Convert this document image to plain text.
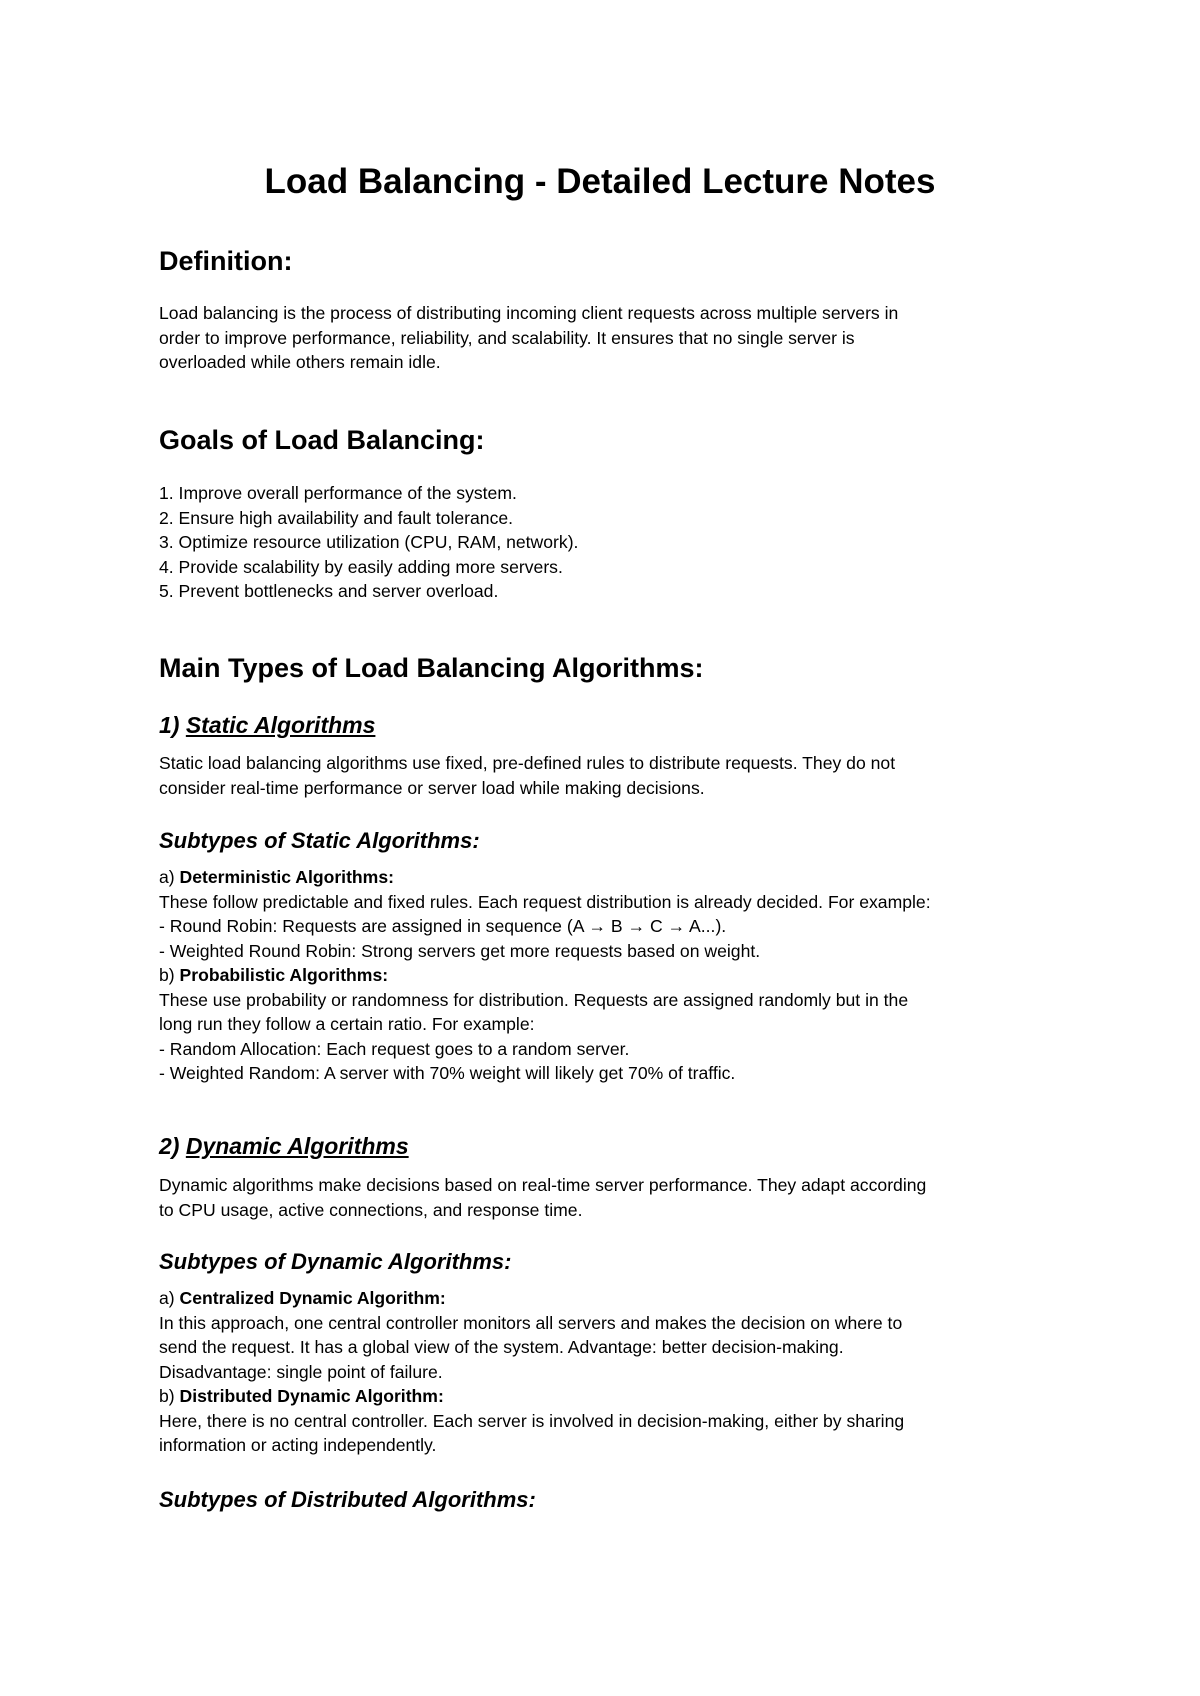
Load Balancing - Detailed Lecture Notes
Definition:
Load balancing is the process of distributing incoming client requests across multiple servers in
order to improve performance, reliability, and scalability. It ensures that no single server is
overloaded while others remain idle.
Goals of Load Balancing:
1. Improve overall performance of the system.
2. Ensure high availability and fault tolerance.
3. Optimize resource utilization (CPU, RAM, network).
4. Provide scalability by easily adding more servers.
5. Prevent bottlenecks and server overload.
Main Types of Load Balancing Algorithms:
1) Static Algorithms
Static load balancing algorithms use fixed, pre-defined rules to distribute requests. They do not
consider real-time performance or server load while making decisions.
Subtypes of Static Algorithms:
a) Deterministic Algorithms:
These follow predictable and fixed rules. Each request distribution is already decided. For example:
- Round Robin: Requests are assigned in sequence (A → B → C → A...).
- Weighted Round Robin: Strong servers get more requests based on weight.
b) Probabilistic Algorithms:
These use probability or randomness for distribution. Requests are assigned randomly but in the
long run they follow a certain ratio. For example:
- Random Allocation: Each request goes to a random server.
- Weighted Random: A server with 70% weight will likely get 70% of traffic.
2) Dynamic Algorithms
Dynamic algorithms make decisions based on real-time server performance. They adapt according
to CPU usage, active connections, and response time.
Subtypes of Dynamic Algorithms:
a) Centralized Dynamic Algorithm:
In this approach, one central controller monitors all servers and makes the decision on where to
send the request. It has a global view of the system. Advantage: better decision-making.
Disadvantage: single point of failure.
b) Distributed Dynamic Algorithm:
Here, there is no central controller. Each server is involved in decision-making, either by sharing
information or acting independently.
Subtypes of Distributed Algorithms:
